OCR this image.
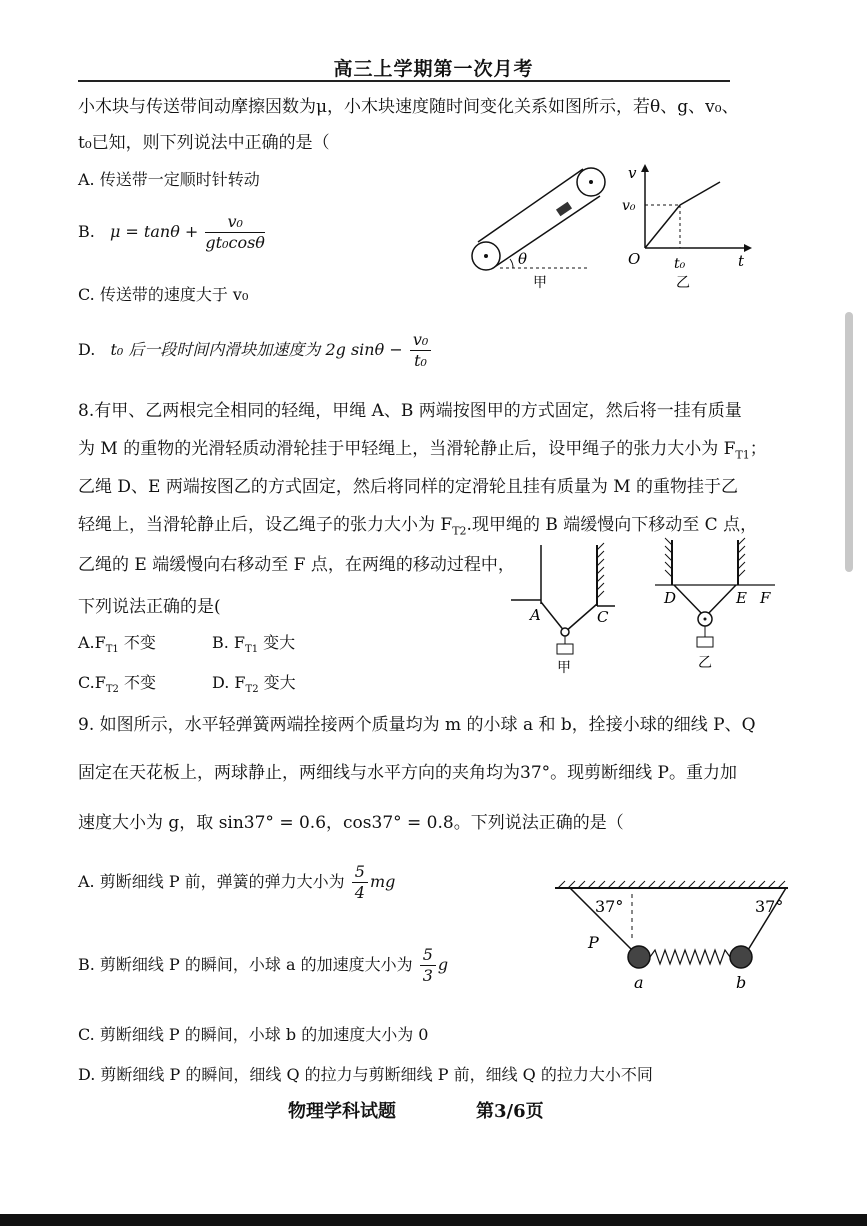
高三上学期第一次月考
小木块与传送带间动摩擦因数为μ，小木块速度随时间变化关系如图所示，若θ、g、v₀、
t₀已知，则下列说法中正确的是（
A. 传送带一定顺时针转动
B. $\mu = \tan\theta + \frac{\text{v₀}}{\text{gt₀cosθ}}$
C. 传送带的速度大于 v₀
D. t₀ 后一段时间内滑块加速度为 2g $\sin\theta - \frac{\text{v₀}}{\text{t₀}}$
θ
甲
v
v₀
O t₀	t
乙
8.有甲、乙两根完全相同的轻绳，甲绳 A、B 两端按图甲的方式固定，然后将一挂有质量
为 M 的重物的光滑轻质动滑轮挂于甲轻绳上，当滑轮静止后，设甲绳子的张力大小为 $F_{T1}$；
乙绳 D、E 两端按图乙的方式固定，然后将同样的定滑轮且挂有质量为 M 的重物挂于乙
轻绳上，当滑轮静止后，设乙绳子的张力大小为 $F_{T2}$.现甲绳的 B 端缓慢向下移动至 C 点，
乙绳的 E 端缓慢向右移动至 F 点，在两绳的移动过程中，
下列说法正确的是(
$A.F_{T1}$ 不变	B. $F_{T1}$ 变大
$C.F_{T2}$ 不变	D. $F_{T2}$ 变大
A	C
甲
D	E F
乙
9. 如图所示，水平轻弹簧两端拴接两个质量均为 m 的小球 a 和 b，拴接小球的细线 P、Q
固定在天花板上，两球静止，两细线与水平方向的夹角均为37°。现剪断细线 P。重力加
速度大小为 g，取 sin37° = 0.6，cos37° = 0.8。下列说法正确的是（
A. 剪断细线 P 前，弹簧的弹力大小为 $\frac{5}{4}$ mg
B. 剪断细线 P 的瞬间，小球 a 的加速度大小为 $\frac{5}{3}$ g
C. 剪断细线 P 的瞬间，小球 b 的加速度大小为 0
D. 剪断细线 P 的瞬间，细线 Q 的拉力与剪断细线 P 前，细线 Q 的拉力大小不同
37°	37°
P
a	b
物理学科试题	第3/6页
